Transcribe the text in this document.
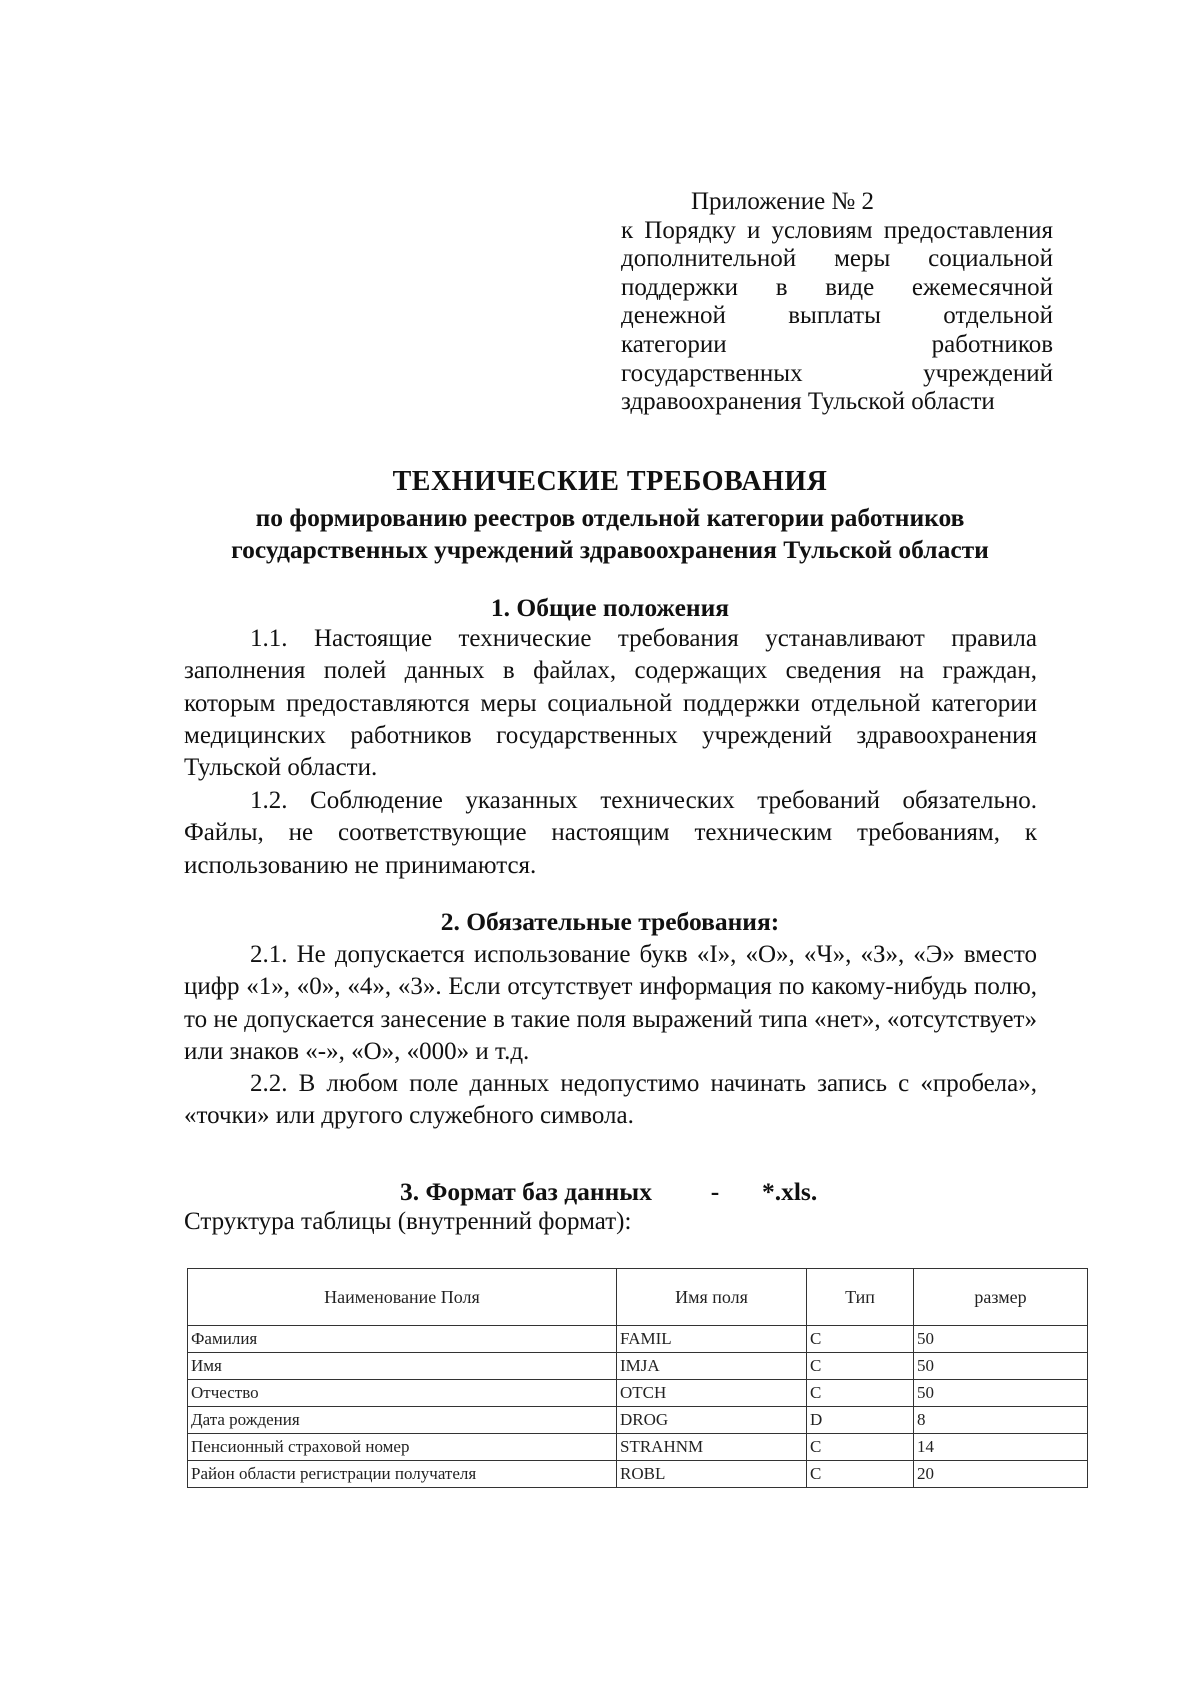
Приложение № 2
к Порядку и условиям предоставления
дополнительной меры социальной
поддержки в виде ежемесячной
денежной выплаты отдельной
категории работников
государственных учреждений
здравоохранения Тульской области
ТЕХНИЧЕСКИЕ ТРЕБОВАНИЯ
по формированию реестров отдельной категории работников
государственных учреждений здравоохранения Тульской области
1. Общие положения

1.1. Настоящие технические требования устанавливают правила заполнения полей данных в файлах, содержащих сведения на граждан, которым предоставляются меры социальной поддержки отдельной категории медицинских работников государственных учреждений здравоохранения Тульской области.

1.2. Соблюдение указанных технических требований обязательно. Файлы, не соответствующие настоящим техническим требованиям, к использованию не принимаются.

2. Обязательные требования:

2.1. Не допускается использование букв «I», «O», «Ч», «З», «Э» вместо цифр «1», «0», «4», «3». Если отсутствует информация по какому-нибудь полю, то не допускается занесение в такие поля выражений типа «нет», «отсутствует» или знаков «-», «О», «000» и т.д.

2.2. В любом поле данных недопустимо начинать запись с «пробела», «точки» или другого служебного символа.

3. Формат баз данных - *.xls.
Структура таблицы (внутренний формат):
Наименование Поля	Имя поля	Тип	размер
Фамилия	FAMIL	C	50
Имя	IMJA	C	50
Отчество	OTCH	C	50
Дата рождения	DROG	D	8
Пенсионный страховой номер	STRAHNM	C	14
Район области регистрации получателя	ROBL	C	20
